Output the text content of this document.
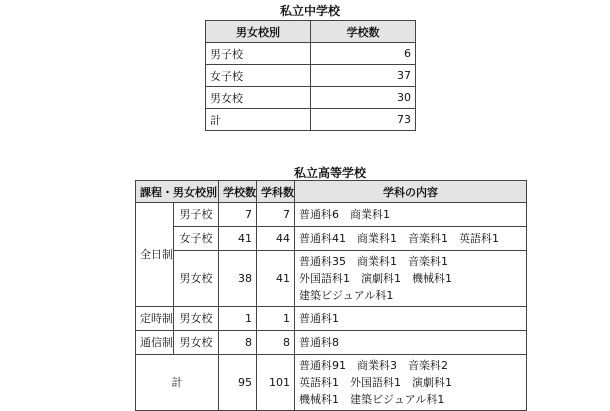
私立中学校
男女校別	学校数
男子校	6
女子校	37
男女校	30
計	73
私立高等学校
課程・男女校別		学校数	学科数	学科の内容
全日制	男子校	7	7	普通科6　商業科1

	女子校	41	44	普通科41　商業科1　音楽科1　英語科1

	男女校	38	41	普通科35　商業科1　音楽科1
外国語科1　演劇科1　機械科1
建築ビジュアル科1

定時制	男女校	1	1	普通科1

通信制	男女校	8	8	普通科8

計		95	101	普通科91　商業科3　音楽科2
英語科1　外国語科1　演劇科1
機械科1　建築ビジュアル科1
